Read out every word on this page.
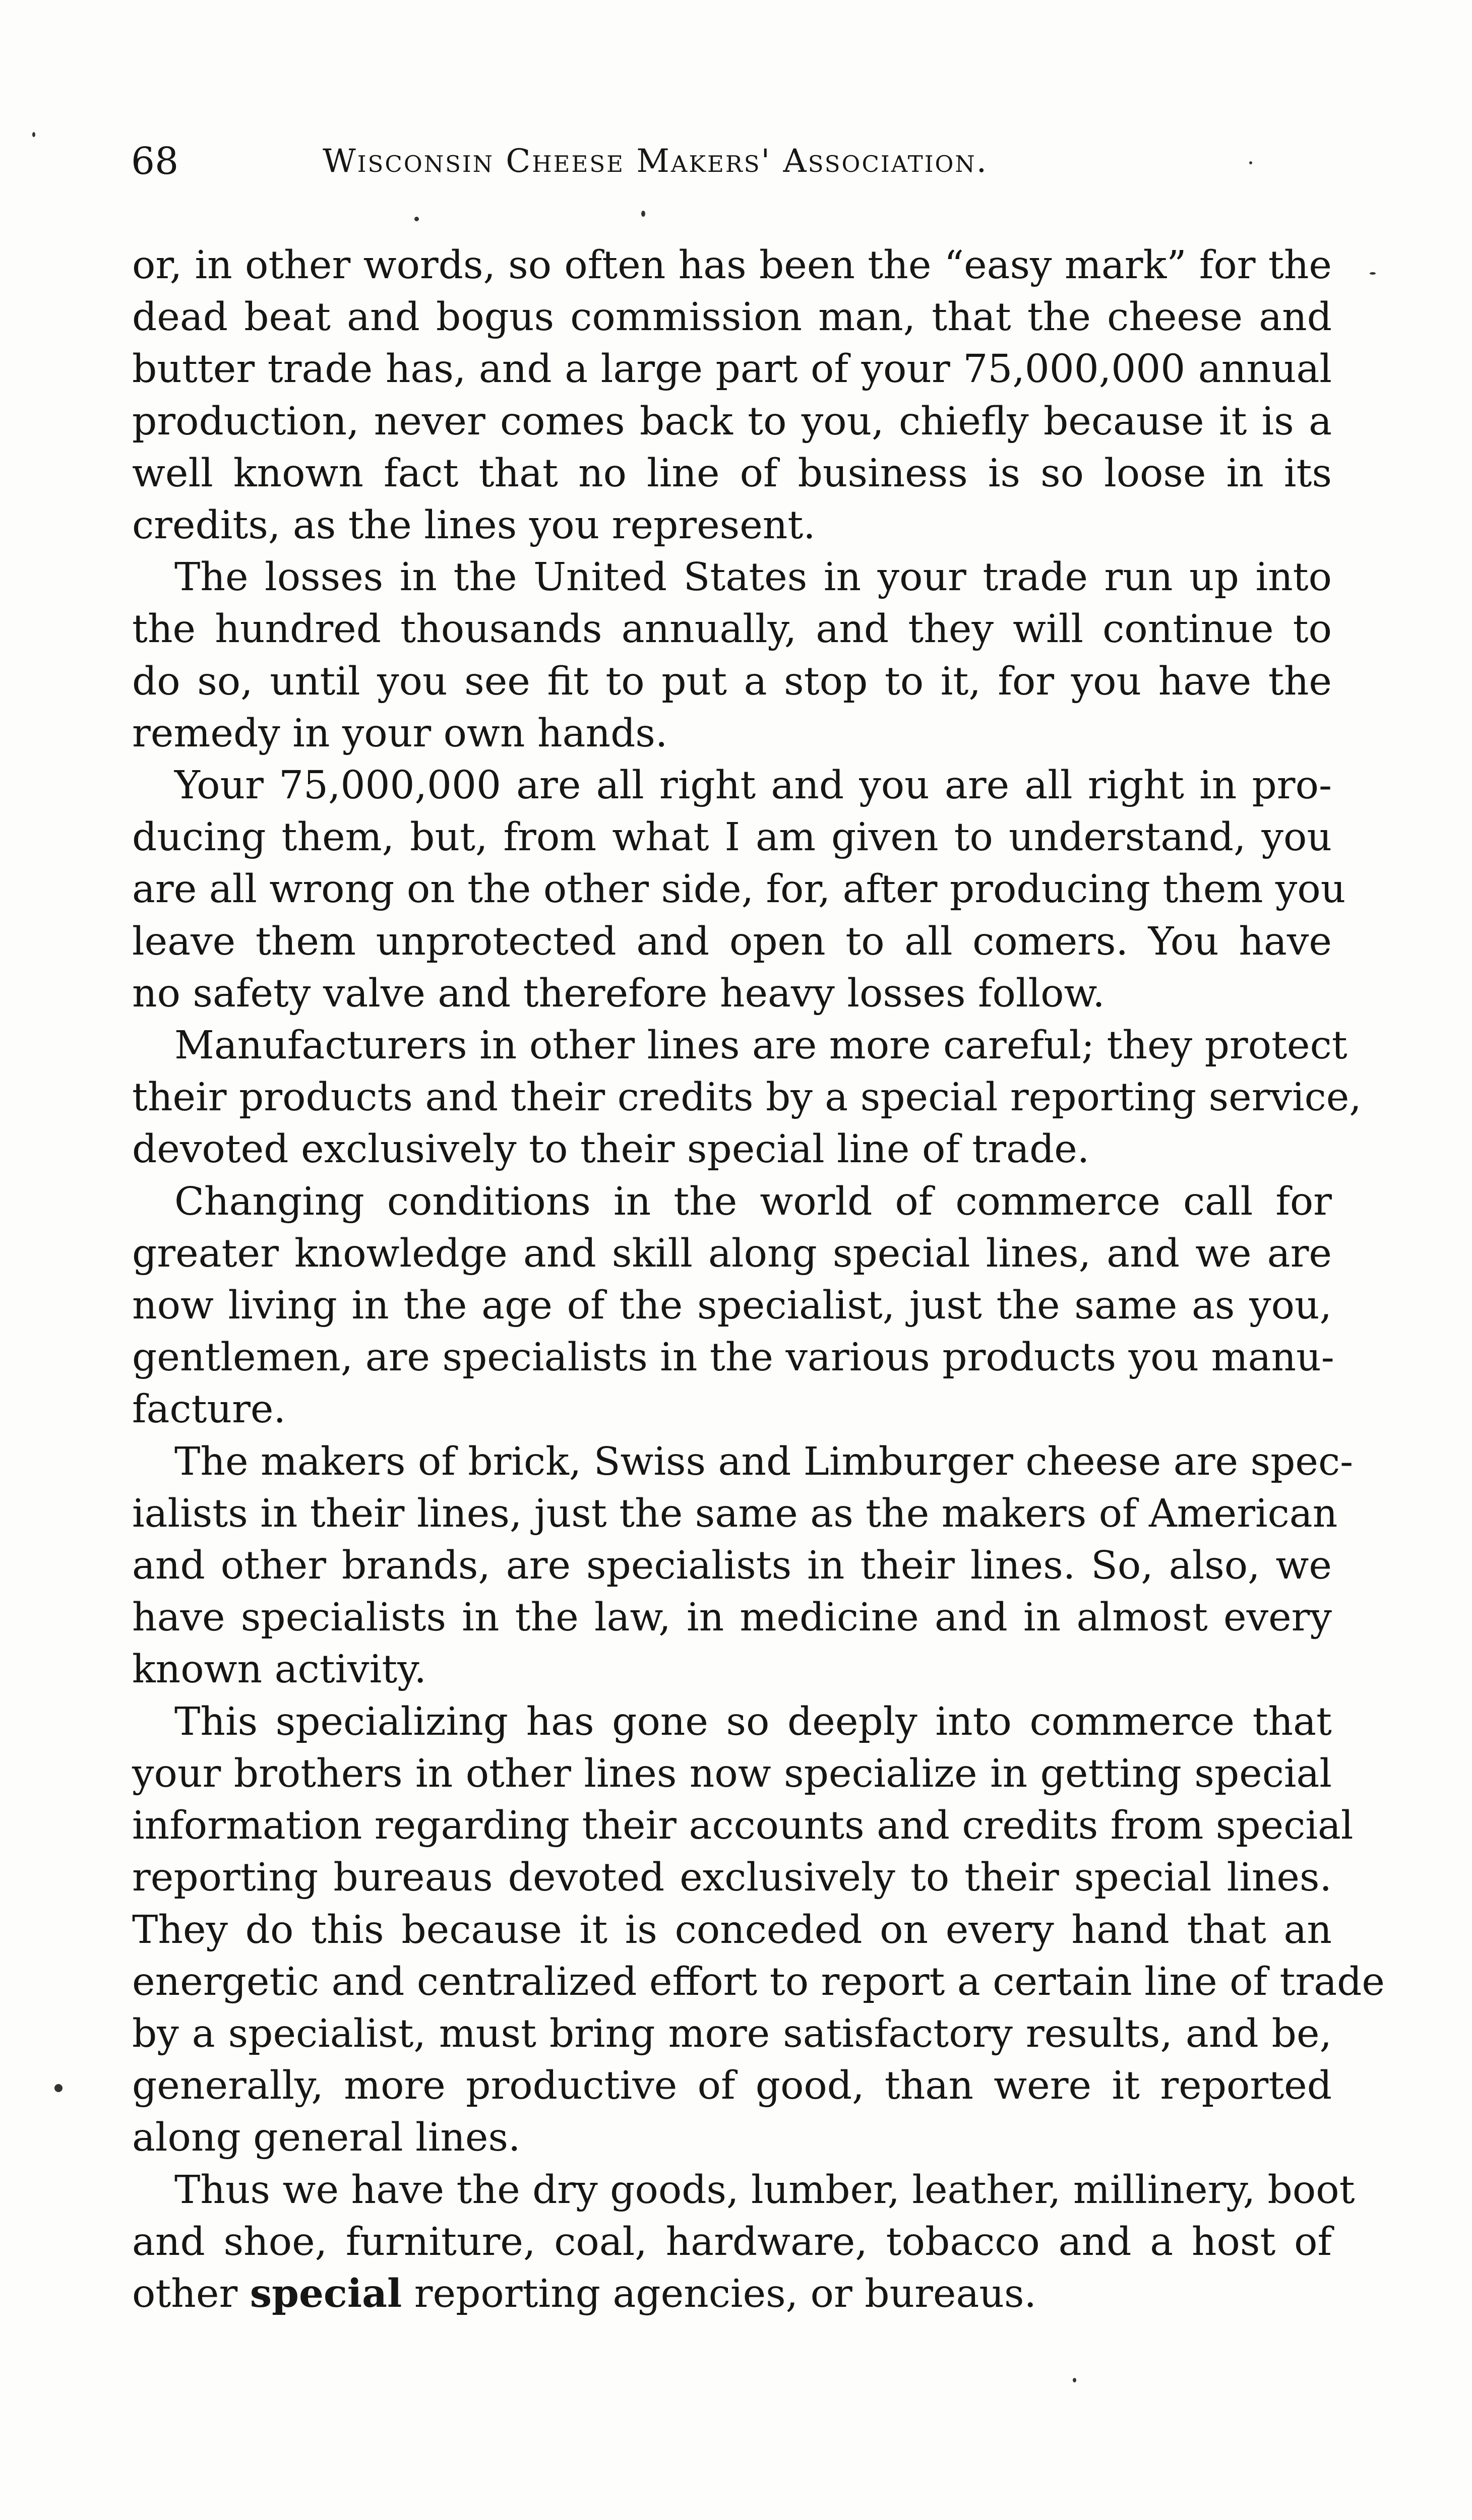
68	Wisconsin Cheese Makers' Association.

or, in other words, so often has been the “easy mark” for the
dead beat and bogus commission man, that the cheese and
butter trade has, and a large part of your 75,000,000 annual
production, never comes back to you, chiefly because it is a
well known fact that no line of business is so loose in its
credits, as the lines you represent.

The losses in the United States in your trade run up into
the hundred thousands annually, and they will continue to
do so, until you see fit to put a stop to it, for you have the
remedy in your own hands.

Your 75,000,000 are all right and you are all right in pro-
ducing them, but, from what I am given to understand, you
are all wrong on the other side, for, after producing them you
leave them unprotected and open to all comers. You have
no safety valve and therefore heavy losses follow.

Manufacturers in other lines are more careful; they protect
their products and their credits by a special reporting service,
devoted exclusively to their special line of trade.

Changing conditions in the world of commerce call for
greater knowledge and skill along special lines, and we are
now living in the age of the specialist, just the same as you,
gentlemen, are specialists in the various products you manu-
facture.

The makers of brick, Swiss and Limburger cheese are spec-
ialists in their lines, just the same as the makers of American
and other brands, are specialists in their lines. So, also, we
have specialists in the law, in medicine and in almost every
known activity.

This specializing has gone so deeply into commerce that
your brothers in other lines now specialize in getting special
information regarding their accounts and credits from special
reporting bureaus devoted exclusively to their special lines.
They do this because it is conceded on every hand that an
energetic and centralized effort to report a certain line of trade
by a specialist, must bring more satisfactory results, and be,
generally, more productive of good, than were it reported
along general lines.

Thus we have the dry goods, lumber, leather, millinery, boot
and shoe, furniture, coal, hardware, tobacco and a host of
other special reporting agencies, or bureaus.
